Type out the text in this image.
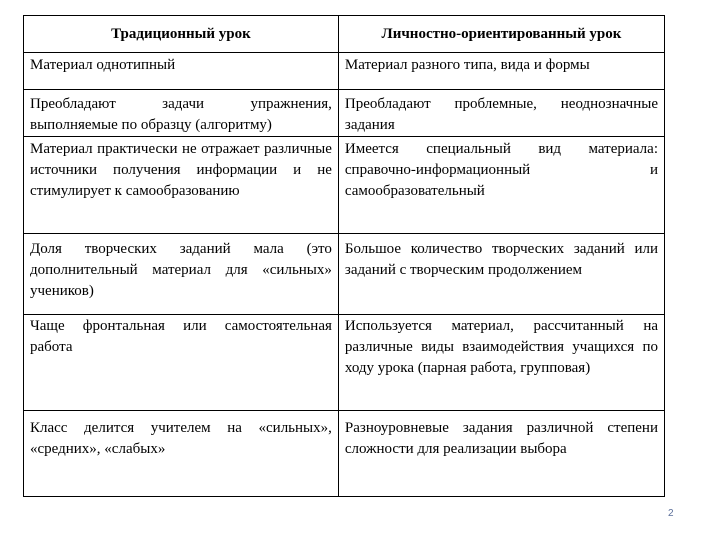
Традиционный урок	Личностно-ориентированный урок
Материал однотипный	Материал разного типа, вида и формы
Преобладают задачи упражнения, выполняемые по образцу (алгоритму)	Преобладают проблемные, неоднозначные задания
Материал практически не отражает различные источники получения информации и не стимулирует к самообразованию	Имеется специальный вид материала: справочно-информационный и самообразовательный
Доля творческих заданий мала (это дополнительный материал для «сильных» учеников)	Большое количество творческих заданий или заданий с творческим продолжением
Чаще фронтальная или самостоятельная работа	Используется материал, рассчитанный на различные виды взаимодействия учащихся по ходу урока (парная работа, групповая)
Класс делится учителем на «сильных», «средних», «слабых»	Разноуровневые задания различной степени сложности для реализации выбора
2
